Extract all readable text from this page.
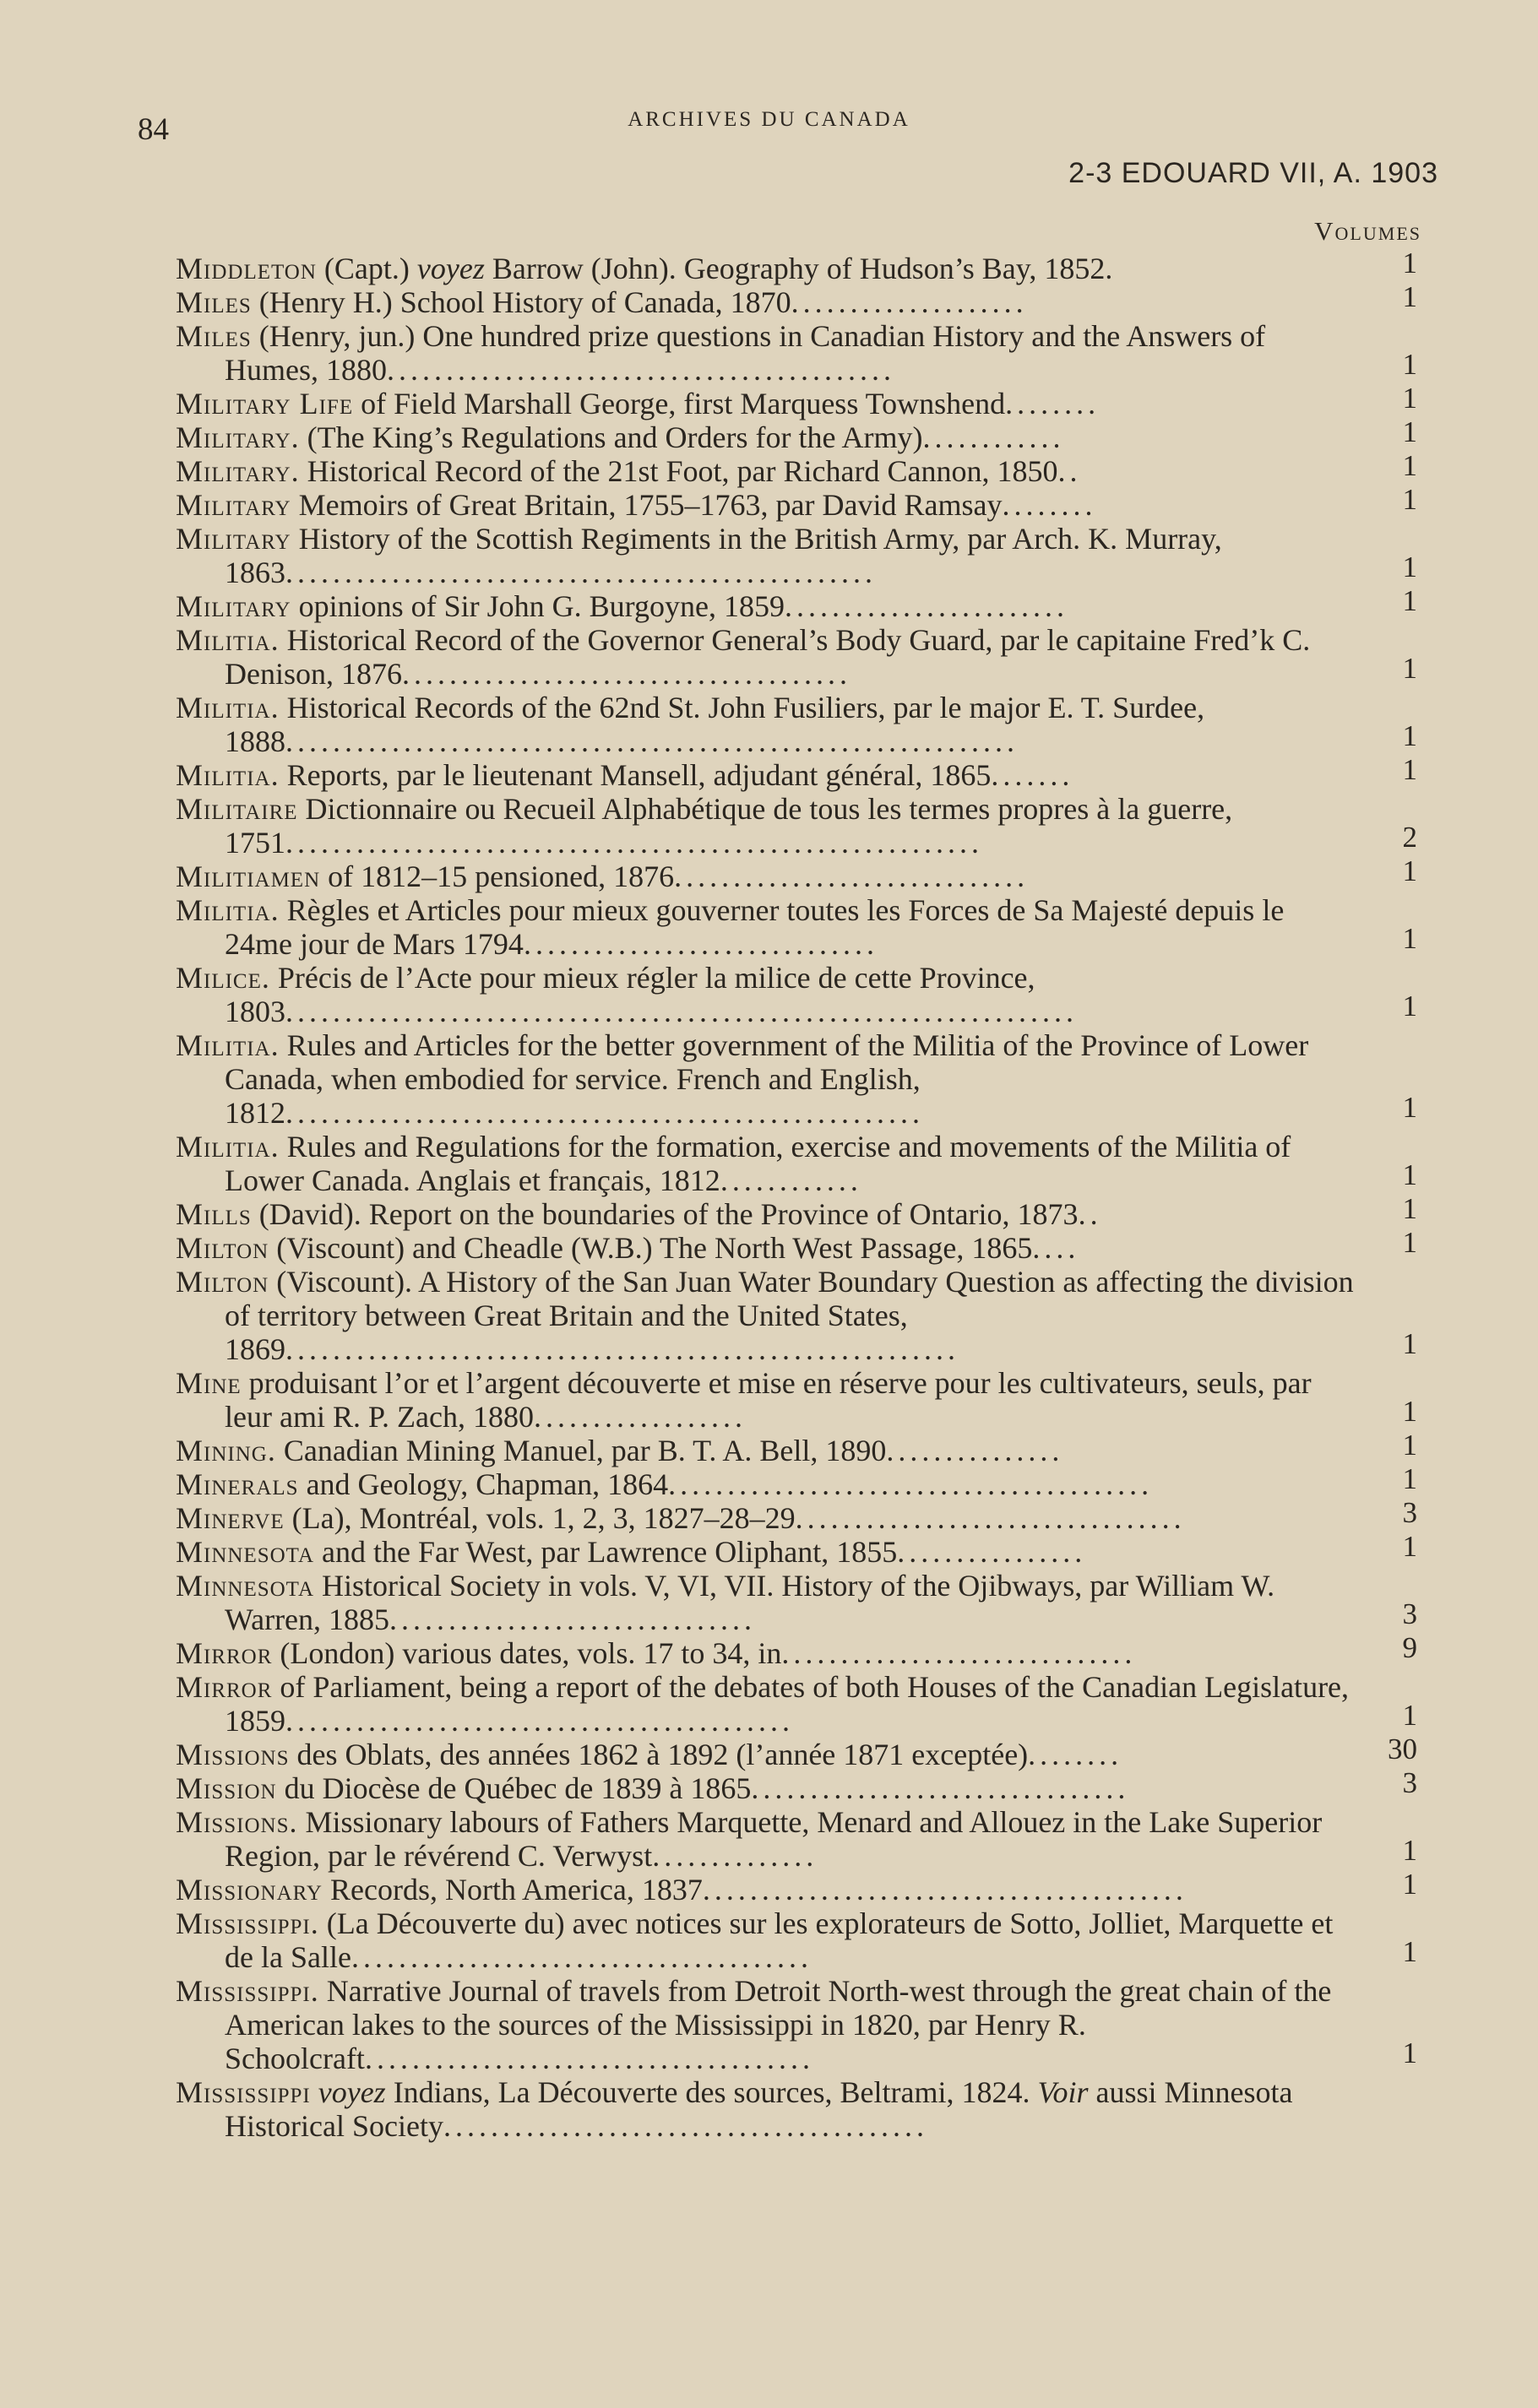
84	ARCHIVES DU CANADA
2-3 EDOUARD VII, A. 1903
Volumes
Middleton (Capt.) voyez Barrow (John). Geography of Hudson’s Bay, 1852.	1
Miles (Henry H.) School History of Canada, 1870....................	1
Miles (Henry, jun.) One hundred prize questions in Canadian History and the Answers of Humes, 1880...........................................	1
Military Life of Field Marshall George, first Marquess Townshend........	1
Military. (The King’s Regulations and Orders for the Army)............	1
Military. Historical Record of the 21st Foot, par Richard Cannon, 1850..	1
Military Memoirs of Great Britain, 1755–1763, par David Ramsay........	1
Military History of the Scottish Regiments in the British Army, par Arch. K. Murray, 1863..................................................	1
Military opinions of Sir John G. Burgoyne, 1859........................	1
Militia. Historical Record of the Governor General’s Body Guard, par le capitaine Fred’k C. Denison, 1876......................................	1
Militia. Historical Records of the 62nd St. John Fusiliers, par le major E. T. Surdee, 1888..............................................................	1
Militia. Reports, par le lieutenant Mansell, adjudant général, 1865.......	1
Militaire Dictionnaire ou Recueil Alphabétique de tous les termes propres à la guerre, 1751...........................................................	2
Militiamen of 1812–15 pensioned, 1876..............................	1
Militia. Règles et Articles pour mieux gouverner toutes les Forces de Sa Majesté depuis le 24me jour de Mars 1794..............................	1
Milice. Précis de l’Acte pour mieux régler la milice de cette Province, 1803...................................................................	1
Militia. Rules and Articles for the better government of the Militia of the Province of Lower Canada, when embodied for service. French and English, 1812......................................................	1
Militia. Rules and Regulations for the formation, exercise and movements of the Militia of Lower Canada. Anglais et français, 1812............	1
Mills (David). Report on the boundaries of the Province of Ontario, 1873..	1
Milton (Viscount) and Cheadle (W.B.) The North West Passage, 1865....	1
Milton (Viscount). A History of the San Juan Water Boundary Question as affecting the division of territory between Great Britain and the United States, 1869.........................................................	1
Mine produisant l’or et l’argent découverte et mise en réserve pour les cultivateurs, seuls, par leur ami R. P. Zach, 1880..................	1
Mining. Canadian Mining Manuel, par B. T. A. Bell, 1890...............	1
Minerals and Geology, Chapman, 1864.........................................	1
Minerve (La), Montréal, vols. 1, 2, 3, 1827–28–29.................................	3
Minnesota and the Far West, par Lawrence Oliphant, 1855................	1
Minnesota Historical Society in vols. V, VI, VII. History of the Ojibways, par William W. Warren, 1885...............................	3
Mirror (London) various dates, vols. 17 to 34, in..............................	9
Mirror of Parliament, being a report of the debates of both Houses of the Canadian Legislature, 1859...........................................	1
Missions des Oblats, des années 1862 à 1892 (l’année 1871 exceptée)........	30
Mission du Diocèse de Québec de 1839 à 1865................................	3
Missions. Missionary labours of Fathers Marquette, Menard and Allouez in the Lake Superior Region, par le révérend C. Verwyst..............	1
Missionary Records, North America, 1837.........................................	1
Mississippi. (La Découverte du) avec notices sur les explorateurs de Sotto, Jolliet, Marquette et de la Salle.......................................	1
Mississippi. Narrative Journal of travels from Detroit North-west through the great chain of the American lakes to the sources of the Mississippi in 1820, par Henry R. Schoolcraft......................................	1
Mississippi voyez Indians, La Découverte des sources, Beltrami, 1824. Voir aussi Minnesota Historical Society.........................................
